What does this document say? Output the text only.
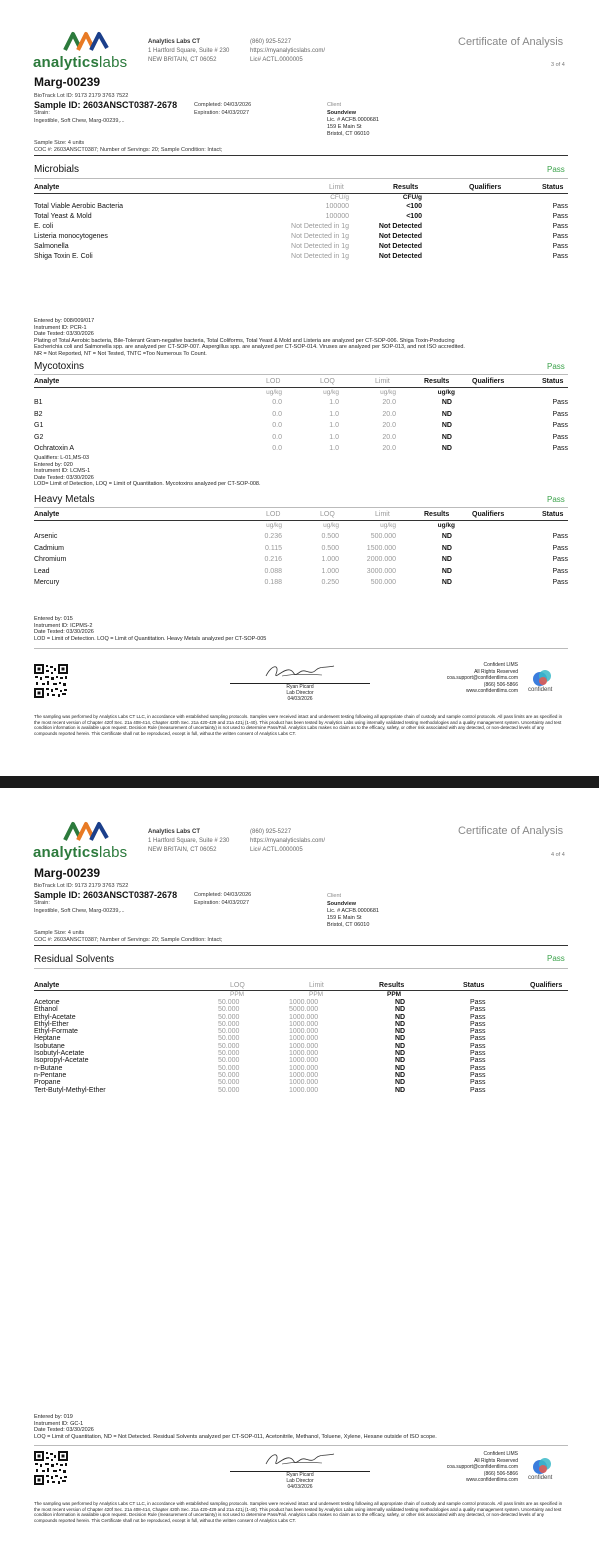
analyticslabs
Analytics Labs CT
1 Hartford Square, Suite # 230
NEW BRITAIN, CT 06052
(860) 925-5227
https://myanalyticslabs.com/
Lic# ACTL.0000005
Certificate of Analysis
3 of 4
Marg-00239
BioTrack Lot ID: 9173 2179 3763 7522
Sample ID: 2603ANSCT0387-2678	Completed: 04/03/2026
Expiration: 04/03/2027
Strain:
Ingestible, Soft Chew, Marg-00239,...
Client
Soundview
Lic. # ACFB.0000681
159 E Main St
Bristol, CT 06010
Sample Size: 4 units
COC #: 2603ANSCT0387; Number of Servings: 20; Sample Condition: Intact;
Microbials	Pass
Analyte	Limit	Results	Qualifiers	Status
CFU/g	CFU/g
Total Viable Aerobic Bacteria	100000	<100	Pass
Total Yeast & Mold	100000	<100	Pass
E. coli	Not Detected in 1g	Not Detected	Pass
Listeria monocytogenes	Not Detected in 1g	Not Detected	Pass
Salmonella	Not Detected in 1g	Not Detected	Pass
Shiga Toxin E. Coli	Not Detected in 1g	Not Detected	Pass
Entered by: 008/009/017
Instrument ID: PCR-1
Date Tested: 03/30/2026
Plating of Total Aerobic bacteria, Bile-Tolerant Gram-negative bacteria, Total Coliforms, Total Yeast & Mold and Listeria are analyzed per CT-SOP-006. Shiga Toxin-Producing
Escherichia coli and Salmonella spp. are analyzed per CT-SOP-007. Aspergillus spp. are analyzed per CT-SOP-014. Viruses are analyzed per SOP-013, and not ISO accredited.
NR = Not Reported, NT = Not Tested, TNTC =Too Numerous To Count.
Mycotoxins	Pass
Analyte	LOD	LOQ	Limit	Results	Qualifiers	Status
ug/kg	ug/kg	ug/kg	ug/kg
B1	0.0	1.0	20.0	ND	Pass
B2	0.0	1.0	20.0	ND	Pass
G1	0.0	1.0	20.0	ND	Pass
G2	0.0	1.0	20.0	ND	Pass
Ochratoxin A	0.0	1.0	20.0	ND	Pass
Qualifiers: L-01,MS-03
Entered by: 020
Instrument ID: LCMS-1
Date Tested: 03/30/2026
LOD= Limit of Detection, LOQ = Limit of Quantitation. Mycotoxins analyzed per CT-SOP-008.
Heavy Metals	Pass
Analyte	LOD	LOQ	Limit	Results	Qualifiers	Status
ug/kg	ug/kg	ug/kg	ug/kg
Arsenic	0.236	0.500	500.000	ND	Pass
Cadmium	0.115	0.500	1500.000	ND	Pass
Chromium	0.216	1.000	2000.000	ND	Pass
Lead	0.088	1.000	3000.000	ND	Pass
Mercury	0.188	0.250	500.000	ND	Pass
Entered by: 015
Instrument ID: ICPMS-2
Date Tested: 03/30/2026
LOD = Limit of Detection. LOQ = Limit of Quantitation. Heavy Metals analyzed per CT-SOP-005
Ryan Picard
Lab Director
04/03/2026
Confident LIMS
All Rights Reserved
coa.support@confidentlims.com
(866) 506-5866
www.confidentlims.com confident
The sampling was performed by Analytics Labs CT LLC, in accordance with established sampling protocols. Samples were received intact and underwent testing following all appropriate chain of custody and sample control protocols. All pass limits are as specified in the most recent version of Chapter 420f Sec. 21a 408-414, Chapter 420h Sec. 21a 420-429 and 21a 421j (1-40). This product has been tested by Analytics Labs using internally validated testing methodologies and a quality management system. Uncertainty and test condition information is available upon request. Decision Rule (measurement of uncertainty) is not used to determine Pass/Fail. Analytics Labs makes no claim as to the efficacy, safety, or other risk associated with any detected, or non-detected levels of any compounds reported herein. This Certificate shall not be reproduced, except in full, without the written consent of Analytics Labs CT.
analyticslabs
Analytics Labs CT
1 Hartford Square, Suite # 230
NEW BRITAIN, CT 06052
(860) 925-5227
https://myanalyticslabs.com/
Lic# ACTL.0000005
Certificate of Analysis
4 of 4
Marg-00239
BioTrack Lot ID: 9173 2179 3763 7522
Sample ID: 2603ANSCT0387-2678	Completed: 04/03/2026
Expiration: 04/03/2027
Strain:
Ingestible, Soft Chew, Marg-00239,...
Client
Soundview
Lic. # ACFB.0000681
159 E Main St
Bristol, CT 06010
Sample Size: 4 units
COC #: 2603ANSCT0387; Number of Servings: 20; Sample Condition: Intact;
Residual Solvents	Pass
Analyte	LOQ	Limit	Results	Status	Qualifiers
PPM	PPM	PPM
Acetone	50.000	1000.000	ND	Pass
Ethanol	50.000	5000.000	ND	Pass
Ethyl-Acetate	50.000	1000.000	ND	Pass
Ethyl-Ether	50.000	1000.000	ND	Pass
Ethyl-Formate	50.000	1000.000	ND	Pass
Heptane	50.000	1000.000	ND	Pass
Isobutane	50.000	1000.000	ND	Pass
Isobutyl-Acetate	50.000	1000.000	ND	Pass
Isopropyl-Acetate	50.000	1000.000	ND	Pass
n-Butane	50.000	1000.000	ND	Pass
n-Pentane	50.000	1000.000	ND	Pass
Propane	50.000	1000.000	ND	Pass
Tert-Butyl-Methyl-Ether	50.000	1000.000	ND	Pass
Entered by: 019
Instrument ID: GC-1
Date Tested: 03/30/2026
LOQ = Limit of Quantitation, ND = Not Detected. Residual Solvents analyzed per CT-SOP-011, Acetonitrile, Methanol, Toluene, Xylene, Hexane outside of ISO scope.
Ryan Picard
Lab Director
04/03/2026
Confident LIMS
All Rights Reserved
coa.support@confidentlims.com
(866) 506-5866
www.confidentlims.com confident
The sampling was performed by Analytics Labs CT LLC, in accordance with established sampling protocols. Samples were received intact and underwent testing following all appropriate chain of custody and sample control protocols. All pass limits are as specified in the most recent version of Chapter 420f Sec. 21a 408-414, Chapter 420h Sec. 21a 420-429 and 21a 421j (1-40). This product has been tested by Analytics Labs using internally validated testing methodologies and a quality management system. Uncertainty and test condition information is available upon request. Decision Rule (measurement of uncertainty) is not used to determine Pass/Fail. Analytics Labs makes no claim as to the efficacy, safety, or other risk associated with any detected, or non-detected levels of any compounds reported herein. This Certificate shall not be reproduced, except in full, without the written consent of Analytics Labs CT.
